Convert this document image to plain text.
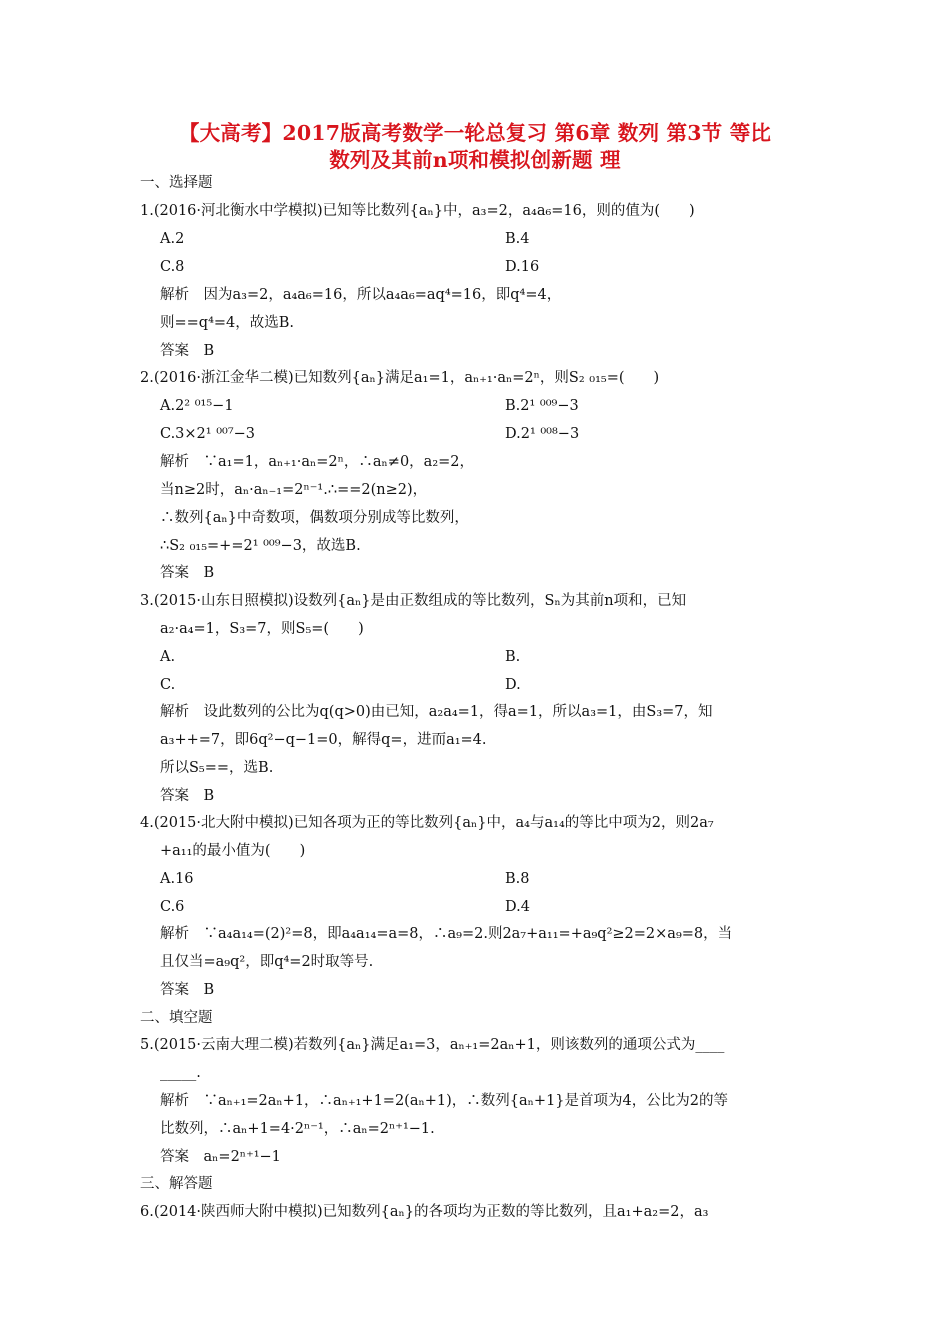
【大高考】2017版高考数学一轮总复习 第6章 数列 第3节 等比
数列及其前n项和模拟创新题 理
一、选择题
1.(2016·河北衡水中学模拟)已知等比数列{aₙ}中，a₃=2，a₄a₆=16，则的值为(　　)
A.2	B.4
C.8	D.16
解析　因为a₃=2，a₄a₆=16，所以a₄a₆=aq⁴=16，即q⁴=4，
则==q⁴=4，故选B.
答案　B
2.(2016·浙江金华二模)已知数列{aₙ}满足a₁=1，aₙ₊₁·aₙ=2ⁿ，则S₂ ₀₁₅=(　　)
A.2² ⁰¹⁵−1	B.2¹ ⁰⁰⁹−3
C.3×2¹ ⁰⁰⁷−3	D.2¹ ⁰⁰⁸−3
解析　∵a₁=1，aₙ₊₁·aₙ=2ⁿ，∴aₙ≠0，a₂=2，
当n≥2时，aₙ·aₙ₋₁=2ⁿ⁻¹.∴==2(n≥2)，
∴数列{aₙ}中奇数项，偶数项分别成等比数列，
∴S₂ ₀₁₅=+=2¹ ⁰⁰⁹−3，故选B.
答案　B
3.(2015·山东日照模拟)设数列{aₙ}是由正数组成的等比数列，Sₙ为其前n项和，已知
a₂·a₄=1，S₃=7，则S₅=(　　)
A.	B.
C.	D.
解析　设此数列的公比为q(q>0)由已知，a₂a₄=1，得a=1，所以a₃=1，由S₃=7，知
a₃++=7，即6q²−q−1=0，解得q=，进而a₁=4.
所以S₅==，选B.
答案　B
4.(2015·北大附中模拟)已知各项为正的等比数列{aₙ}中，a₄与a₁₄的等比中项为2，则2a₇
+a₁₁的最小值为(　　)
A.16	B.8
C.6	D.4
解析　∵a₄a₁₄=(2)²=8，即a₄a₁₄=a=8，∴a₉=2.则2a₇+a₁₁=+a₉q²≥2=2×a₉=8，当
且仅当=a₉q²，即q⁴=2时取等号.
答案　B
二、填空题
5.(2015·云南大理二模)若数列{aₙ}满足a₁=3，aₙ₊₁=2aₙ+1，则该数列的通项公式为____
_____.
解析　∵aₙ₊₁=2aₙ+1，∴aₙ₊₁+1=2(aₙ+1)，∴数列{aₙ+1}是首项为4，公比为2的等
比数列，∴aₙ+1=4·2ⁿ⁻¹，∴aₙ=2ⁿ⁺¹−1.
答案　aₙ=2ⁿ⁺¹−1
三、解答题
6.(2014·陕西师大附中模拟)已知数列{aₙ}的各项均为正数的等比数列，且a₁+a₂=2，a₃
